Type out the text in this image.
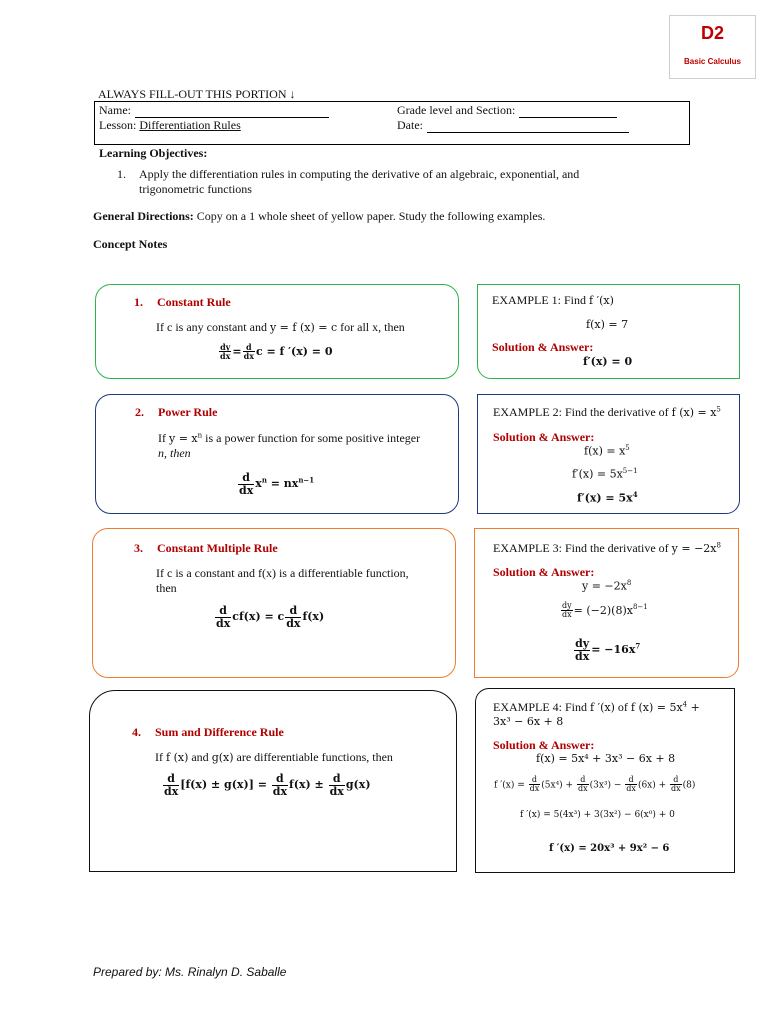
D2
Basic Calculus
ALWAYS FILL-OUT THIS PORTION ↓
Name:
Lesson: Differentiation Rules
Grade level and Section:
Date:
Learning Objectives:
1. Apply the differentiation rules in computing the derivative of an algebraic, exponential, and
trigonometric functions
General Directions: Copy on a 1 whole sheet of yellow paper. Study the following examples.
Concept Notes
1. Constant Rule
If c is any constant and y = f (x) = c for all x, then
$\frac{dy}{dx} = \frac{d}{dx}$ c = f ′(x) = 0
EXAMPLE 1: Find f ′(x)
f(x) = 7
Solution & Answer:
f′(x) = 0
2. Power Rule
If $y = x^n$ is a power function for some positive integer
n, then
$\frac{d}{dx} x^n = nx^{n-1}$
EXAMPLE 2: Find the derivative of f $(x) = x^5$
Solution & Answer:
$f(x) = x^5$
$f'(x) = 5x^{5-1}$
$f'(x) = 5x^4$
3. Constant Multiple Rule
If c is a constant and f(x) is a differentiable function,
then
$\frac{d}{dx} cf(x) = c \frac{d}{dx} f(x)$
EXAMPLE 3: Find the derivative of $y = -2x^8$
Solution & Answer:
$y = -2x^8$
$\frac{dy}{dx} = (-2)(8)x^{8-1}$
$\frac{dy}{dx} = -16x^7$
4. Sum and Difference Rule
If f (x) and g(x) are differentiable functions, then
$\frac{d}{dx} [f(x) \pm g(x)] = \frac{d}{dx} f(x) \pm \frac{d}{dx} g(x)$
EXAMPLE 4: Find f ′(x) of f $(x) = 5x^4$ +
3x³ − 6x + 8
Solution & Answer:
f(x) = 5x⁴ + 3x³ − 6x + 8
f $'(x) = \frac{d}{dx} (5x^4) + \frac{d}{dx} (3x^3) - \frac{d}{dx} (6x) + \frac{d}{dx} (8)$
f ′(x) = 5(4x³) + 3(3x²) − 6(x⁰) + 0
f ′(x) = 20x³ + 9x² − 6
Prepared by: Ms. Rinalyn D. Saballe
